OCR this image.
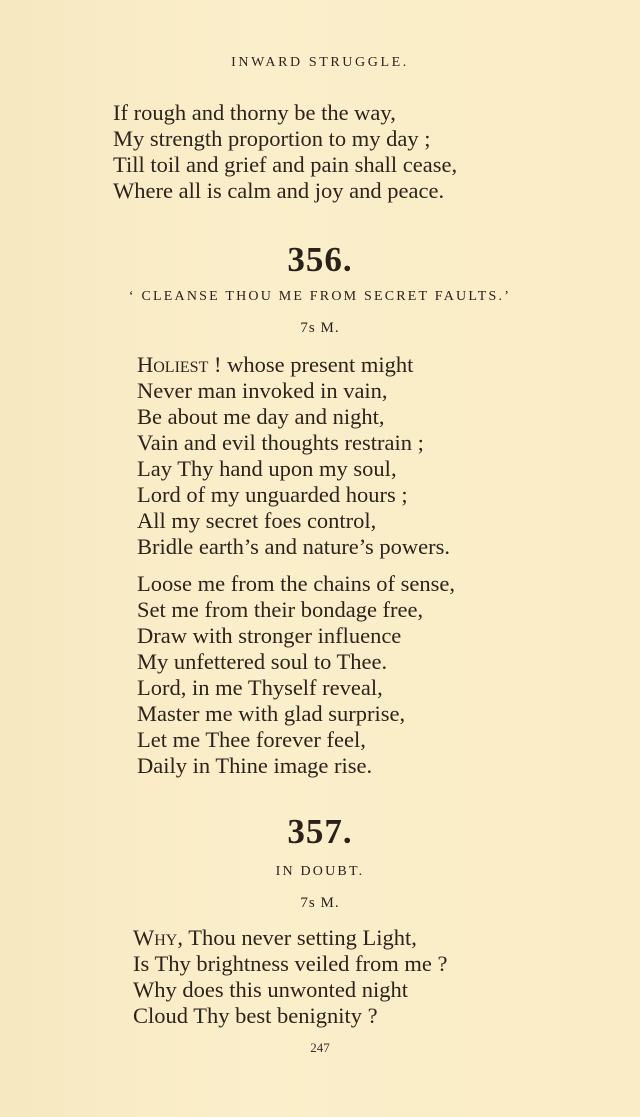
INWARD STRUGGLE.
If rough and thorny be the way,
My strength proportion to my day ;
Till toil and grief and pain shall cease,
Where all is calm and joy and peace.
356.
‘ CLEANSE THOU ME FROM SECRET FAULTS.’
7s M.
Holiest ! whose present might
Never man invoked in vain,
Be about me day and night,
Vain and evil thoughts restrain ;
Lay Thy hand upon my soul,
Lord of my unguarded hours ;
All my secret foes control,
Bridle earth’s and nature’s powers.
Loose me from the chains of sense,
Set me from their bondage free,
Draw with stronger influence
My unfettered soul to Thee.
Lord, in me Thyself reveal,
Master me with glad surprise,
Let me Thee forever feel,
Daily in Thine image rise.
357.
IN DOUBT.
7s M.
Why, Thou never setting Light,
Is Thy brightness veiled from me ?
Why does this unwonted night
Cloud Thy best benignity ?
247
